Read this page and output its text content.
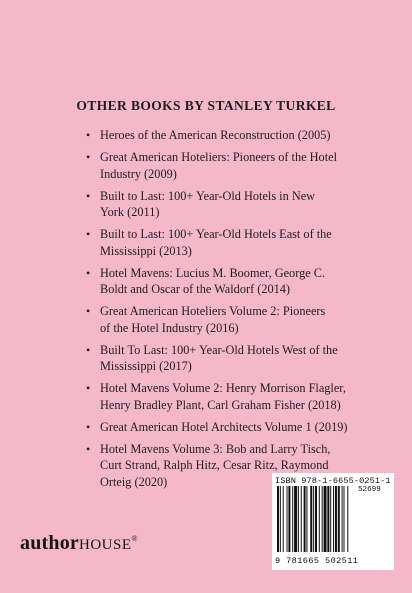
OTHER BOOKS BY STANLEY TURKEL
• Heroes of the American Reconstruction (2005)
• Great American Hoteliers: Pioneers of the Hotel
Industry (2009)
• Built to Last: 100+ Year-Old Hotels in New
York (2011)
• Built to Last: 100+ Year-Old Hotels East of the
Mississippi (2013)
• Hotel Mavens: Lucius M. Boomer, George C.
Boldt and Oscar of the Waldorf (2014)
• Great American Hoteliers Volume 2: Pioneers
of the Hotel Industry (2016)
• Built To Last: 100+ Year-Old Hotels West of the
Mississippi (2017)
• Hotel Mavens Volume 2: Henry Morrison Flagler,
Henry Bradley Plant, Carl Graham Fisher (2018)
• Great American Hotel Architects Volume 1 (2019)
• Hotel Mavens Volume 3: Bob and Larry Tisch,
Curt Strand, Ralph Hitz, Cesar Ritz, Raymond
Orteig (2020)
authorHOUSE®
ISBN 978-1-6655-0251-1
52699
9 781665 502511
